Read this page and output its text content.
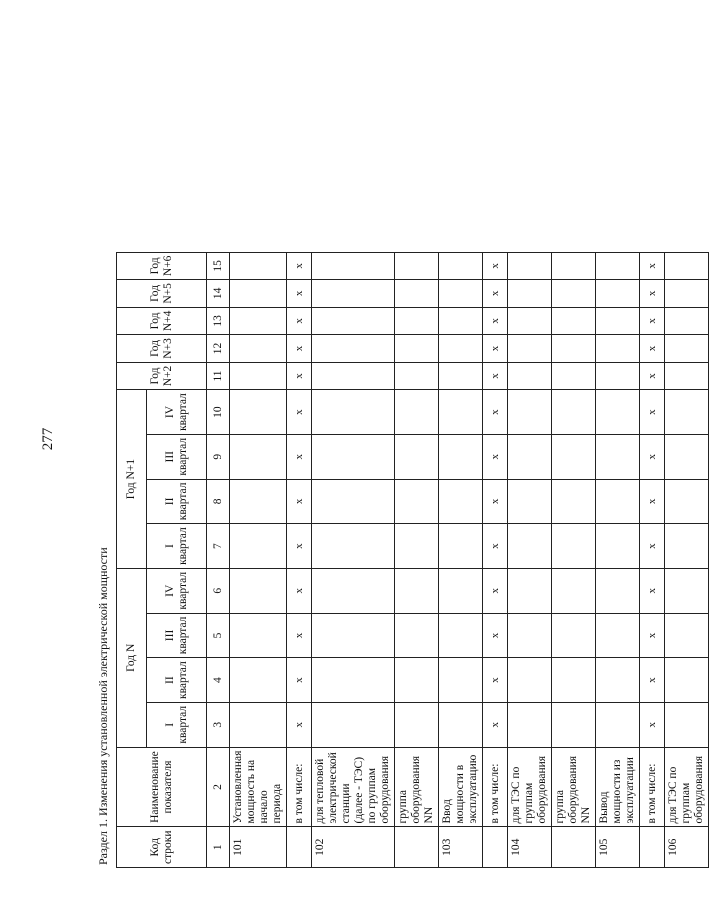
277
Раздел 1. Изменения установленной электрической мощности	Код строки	Наименование показателя	Год N				Год N+1				Год N+2	Год N+3	Год N+4	Год N+5	Год N+6
		I квартал	II квартал	III квартал	IV квартал	I квартал	II квартал	III квартал	IV квартал					
1	2	3	4	5	6	7	8	9	10	11	12	13	14	15
101	Установленная мощность на начало периода													
	в том числе:	x	x	x	x	x	x	x	x	x	x	x	x	x
102	для тепловой электрической станции (далее - ТЭС) по группам оборудования													
	группа оборудования NN													
103	Ввод мощности в эксплуатацию													
	в том числе:	x	x	x	x	x	x	x	x	x	x	x	x	x
104	для ТЭС по группам оборудования													
	группа оборудования NN													
105	Вывод мощности из эксплуатации													
	в том числе:	x	x	x	x	x	x	x	x	x	x	x	x	x
106	для ТЭС по группам оборудования													
